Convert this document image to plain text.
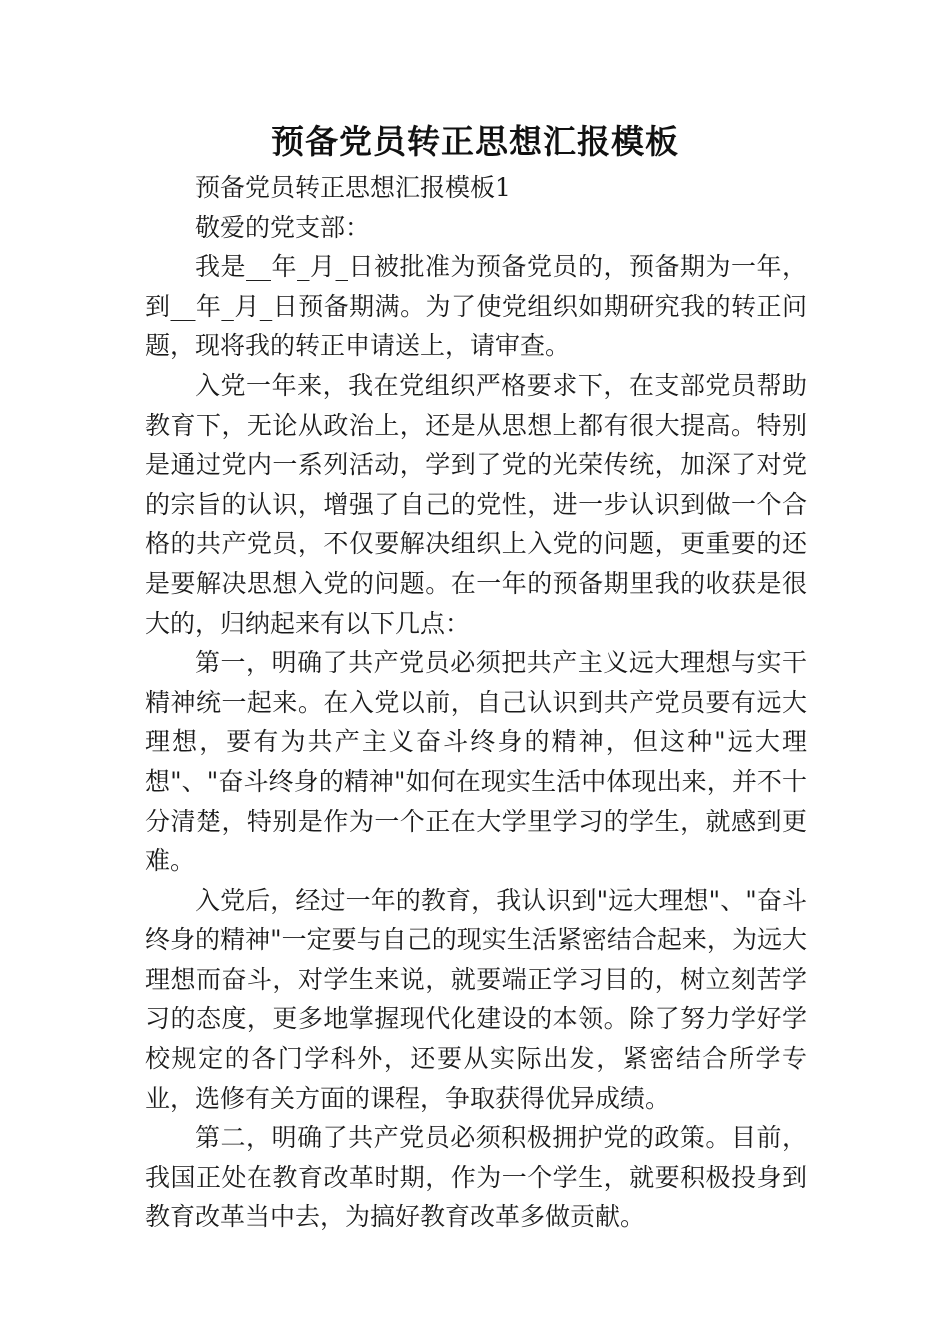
预备党员转正思想汇报模板

预备党员转正思想汇报模板1

敬爱的党支部：

我是__年_月_日被批准为预备党员的，预备期为一年，到__年_月_日预备期满。为了使党组织如期研究我的转正问题，现将我的转正申请送上，请审查。

入党一年来，我在党组织严格要求下，在支部党员帮助教育下，无论从政治上，还是从思想上都有很大提高。特别是通过党内一系列活动，学到了党的光荣传统，加深了对党的宗旨的认识，增强了自己的党性，进一步认识到做一个合格的共产党员，不仅要解决组织上入党的问题，更重要的还是要解决思想入党的问题。在一年的预备期里我的收获是很大的，归纳起来有以下几点：

第一，明确了共产党员必须把共产主义远大理想与实干精神统一起来。在入党以前，自己认识到共产党员要有远大理想，要有为共产主义奋斗终身的精神，但这种"远大理想"、"奋斗终身的精神"如何在现实生活中体现出来，并不十分清楚，特别是作为一个正在大学里学习的学生，就感到更难。

入党后，经过一年的教育，我认识到"远大理想"、"奋斗终身的精神"一定要与自己的现实生活紧密结合起来，为远大理想而奋斗，对学生来说，就要端正学习目的，树立刻苦学习的态度，更多地掌握现代化建设的本领。除了努力学好学校规定的各门学科外，还要从实际出发，紧密结合所学专业，选修有关方面的课程，争取获得优异成绩。

第二，明确了共产党员必须积极拥护党的政策。目前，我国正处在教育改革时期，作为一个学生，就要积极投身到教育改革当中去，为搞好教育改革多做贡献。
